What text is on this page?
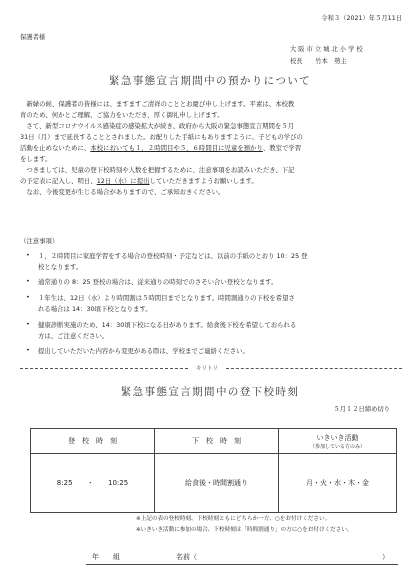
令和３（2021）年５月11日
保護者様
大 阪 市 立 城 北 小 学 校
校長　　竹本　勢主
緊急事態宣言期間中の預かりについて
　新緑の候、保護者の皆様には、ますますご清祥のこととお慶び申し上げます。平素は、本校教
育のため、何かとご理解、ご協力をいただき、厚く御礼申し上げます。
　さて、新型コロナウイルス感染症の感染拡大が続き、政府から大阪の緊急事態宣言期間を５月
31日（月）まで延長することとされました。お配りした手紙にもありますように、子どもの学びの
活動を止めないために、本校においても１，２時間目や５，６時間目に児童を預かり、教室で学習
をします。
　つきましては、児童の登下校時刻や人数を把握するために、注意事項をお読みいただき、下記
の予定表に記入し、明日、12日（水）に提出していただきますようお願いします。
　なお、今後変更が生じる場合がありますので、ご承知おきください。
（注意事項）
• １，２時間目に家庭学習をする場合の登校時刻・予定などは、以前の手紙のとおり 10：25 登
校となります。
• 通常通りの 8：25 登校の場合は、従来通りの時刻でのさそい合い登校となります。
• １年生は、12日（水）より時間割は５時間目までとなります。時間割通りの下校を希望さ
れる場合は 14：30頃下校となります。
• 健康診断実施のため、14：30頃下校になる日があります。給食後下校を希望しておられる
方は、ご注意ください。
• 提出していただいた内容から変更がある際は、学校までご連絡ください。
キリトリ
緊急事態宣言期間中の登下校時刻
５月１２日締め切り
登　校　時　刻	下　校　時　刻	いきいき活動
（参加している方のみ）

8:25 ・ 10:25	給食後・時間割通り	月・火・水・木・金
※上記の表の登校時刻、下校時刻ともにどちらか一方、○をお付けください。
※いきいき活動に参加の場合、下校時刻は「時間割通り」の方に○をお付けください。
年　　組	名前（	）
